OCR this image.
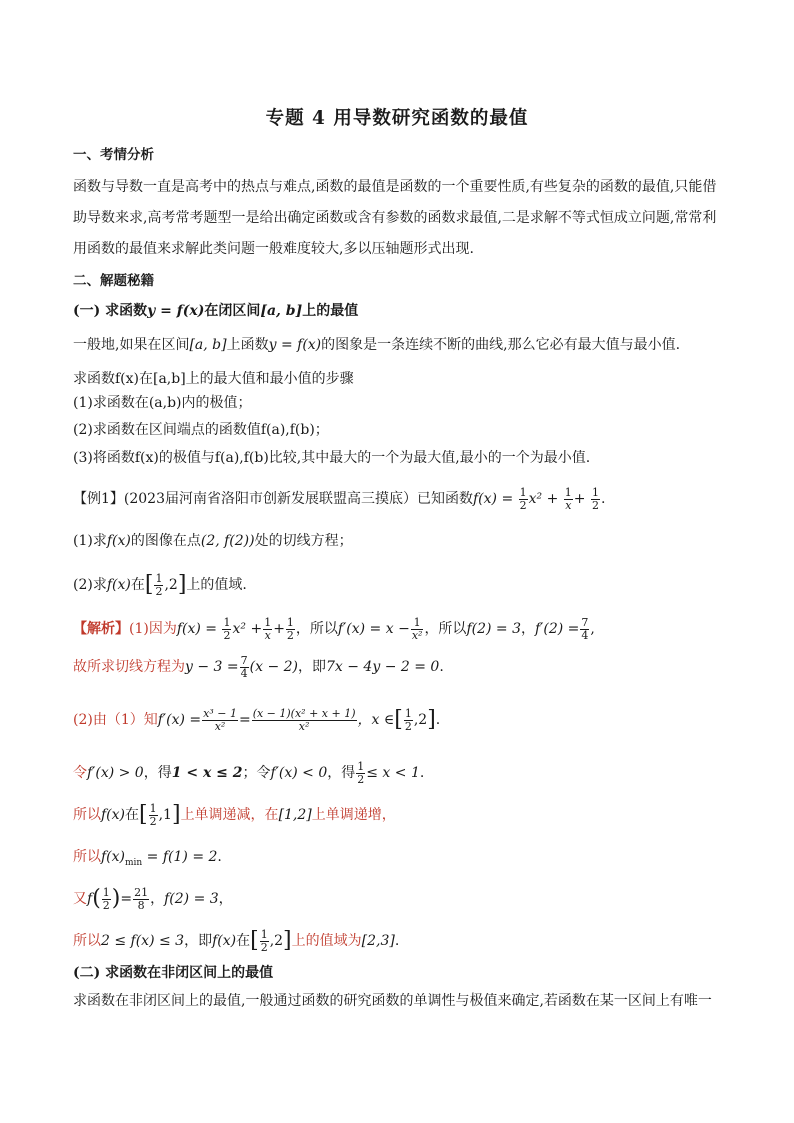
专题 4 用导数研究函数的最值
一、考情分析
函数与导数一直是高考中的热点与难点,函数的最值是函数的一个重要性质,有些复杂的函数的最值,只能借
助导数来求,高考常考题型一是给出确定函数或含有参数的函数求最值,二是求解不等式恒成立问题,常常利
用函数的最值来求解此类问题一般难度较大,多以压轴题形式出现.
二、解题秘籍
(一) 求函数y = f(x)在闭区间[a, b]上的最值
一般地,如果在区间[a, b]上函数y = f(x)的图象是一条连续不断的曲线,那么它必有最大值与最小值.
求函数f(x)在[a,b]上的最大值和最小值的步骤
(1)求函数在(a,b)内的极值；
(2)求函数在区间端点的函数值f(a),f(b)；
(3)将函数f(x)的极值与f(a),f(b)比较,其中最大的一个为最大值,最小的一个为最小值.
【例1】(2023届河南省洛阳市创新发展联盟高三摸底）已知函数$f(x) = \frac{1}{2} x^2 + \frac{1}{x} + \frac{1}{2}$ .
(1)求f(x)的图像在点(2, f(2))处的切线方程；
(2)求f(x)在[ $\frac{1}{2} ,2$]上的值域.
【解析】(1)因为$f(x) = \frac{1}{2} x^2 + \frac{1}{x} + \frac{1}{2}$ ，所以$f'(x) = x - \frac{1}{\text{x²}}$ ，所以f(2) = 3，$f'(2) = \frac{7}{4}$ ,
故所求切线方程为$y - 3 = \frac{7}{4} (x - 2)$，即7x − 4y − 2 = 0.
(2)由（1）知$f'(x) = \frac{\text{x³ − 1}}{\text{x²}} = \frac{\text{(x − 1)(x² + x + 1)}}{\text{x²}}$ ，x ∈[ $\frac{1}{2} ,2$].
令f′(x) > 0，得1 < x ≤ 2；令f′(x) < 0，得 $\frac{1}{2} \le x < 1$.
所以f(x)在[ $\frac{1}{2} ,1$]上单调递减，在[1,2]上单调递增，
所以$f(x)_{min} = f(1) = 2$.
又$f( \frac{1}{2}$ )= $\frac{21}{8}$ ，f(2) = 3，
所以2 ≤ f(x) ≤ 3，即f(x)在[ $\frac{1}{2} ,2$]上的值域为[2,3].
(二) 求函数在非闭区间上的最值
求函数在非闭区间上的最值,一般通过函数的研究函数的单调性与极值来确定,若函数在某一区间上有唯一
